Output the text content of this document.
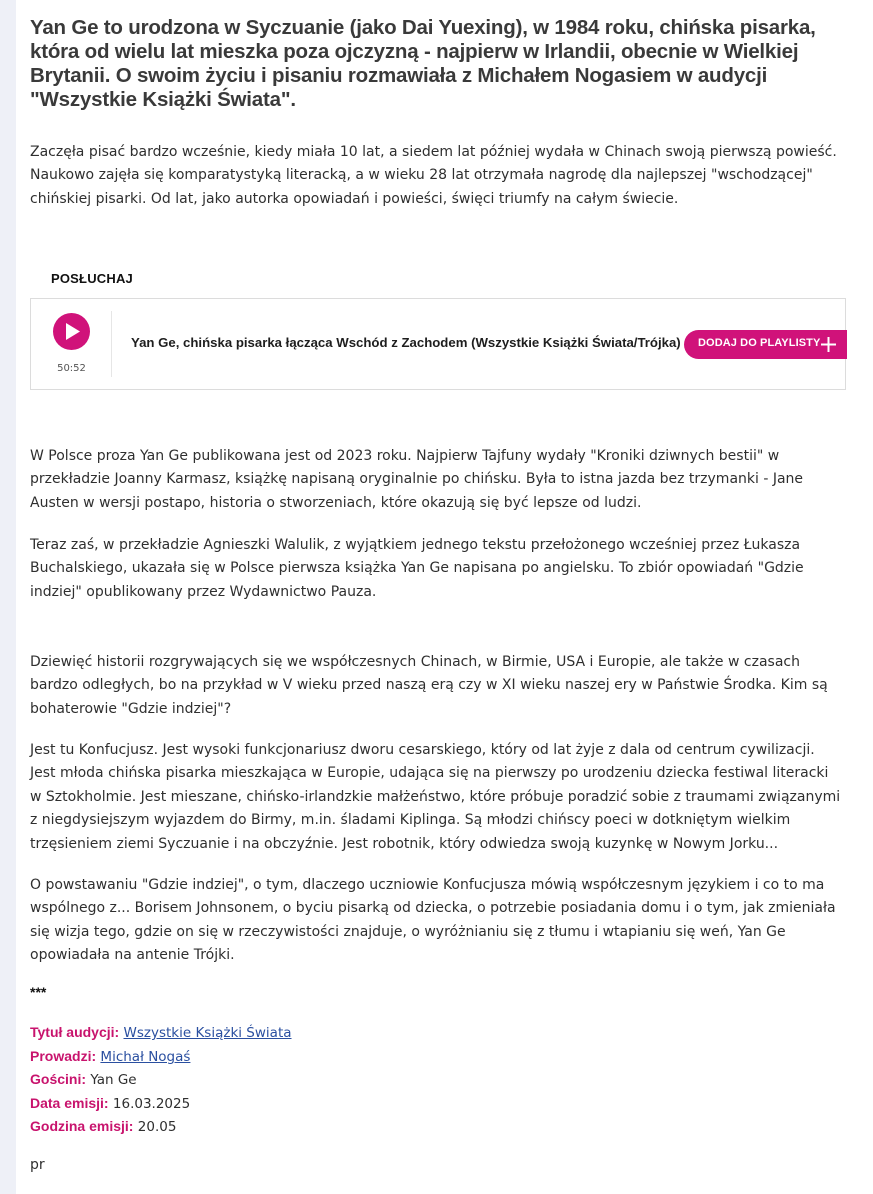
Yan Ge to urodzona w Syczuanie (jako Dai Yuexing), w 1984 roku, chińska pisarka, która od wielu lat mieszka poza ojczyzną - najpierw w Irlandii, obecnie w Wielkiej Brytanii. O swoim życiu i pisaniu rozmawiała z Michałem Nogasiem w audycji "Wszystkie Książki Świata".

Zaczęła pisać bardzo wcześnie, kiedy miała 10 lat, a siedem lat później wydała w Chinach swoją pierwszą powieść. Naukowo zajęła się komparatystyką literacką, a w wieku 28 lat otrzymała nagrodę dla najlepszej "wschodzącej" chińskiej pisarki. Od lat, jako autorka opowiadań i powieści, święci triumfy na całym świecie.

POSŁUCHAJ

50:52
Yan Ge, chińska pisarka łącząca Wschód z Zachodem (Wszystkie Książki Świata/Trójka)	DODAJ DO PLAYLISTY

W Polsce proza Yan Ge publikowana jest od 2023 roku. Najpierw Tajfuny wydały "Kroniki dziwnych bestii" w przekładzie Joanny Karmasz, książkę napisaną oryginalnie po chińsku. Była to istna jazda bez trzymanki - Jane Austen w wersji postapo, historia o stworzeniach, które okazują się być lepsze od ludzi.

Teraz zaś, w przekładzie Agnieszki Walulik, z wyjątkiem jednego tekstu przełożonego wcześniej przez Łukasza Buchalskiego, ukazała się w Polsce pierwsza książka Yan Ge napisana po angielsku. To zbiór opowiadań "Gdzie indziej" opublikowany przez Wydawnictwo Pauza.

Dziewięć historii rozgrywających się we współczesnych Chinach, w Birmie, USA i Europie, ale także w czasach bardzo odległych, bo na przykład w V wieku przed naszą erą czy w XI wieku naszej ery w Państwie Środka. Kim są bohaterowie "Gdzie indziej"?

Jest tu Konfucjusz. Jest wysoki funkcjonariusz dworu cesarskiego, który od lat żyje z dala od centrum cywilizacji. Jest młoda chińska pisarka mieszkająca w Europie, udająca się na pierwszy po urodzeniu dziecka festiwal literacki w Sztokholmie. Jest mieszane, chińsko-irlandzkie małżeństwo, które próbuje poradzić sobie z traumami związanymi z niegdysiejszym wyjazdem do Birmy, m.in. śladami Kiplinga. Są młodzi chińscy poeci w dotkniętym wielkim trzęsieniem ziemi Syczuanie i na obczyźnie. Jest robotnik, który odwiedza swoją kuzynkę w Nowym Jorku...

O powstawaniu "Gdzie indziej", o tym, dlaczego uczniowie Konfucjusza mówią współczesnym językiem i co to ma wspólnego z... Borisem Johnsonem, o byciu pisarką od dziecka, o potrzebie posiadania domu i o tym, jak zmieniała się wizja tego, gdzie on się w rzeczywistości znajduje, o wyróżnianiu się z tłumu i wtapianiu się weń, Yan Ge opowiadała na antenie Trójki.

***

Tytuł audycji: Wszystkie Książki Świata

Prowadzi: Michał Nogaś

Gościni: Yan Ge

Data emisji: 16.03.2025

Godzina emisji: 20.05

pr
